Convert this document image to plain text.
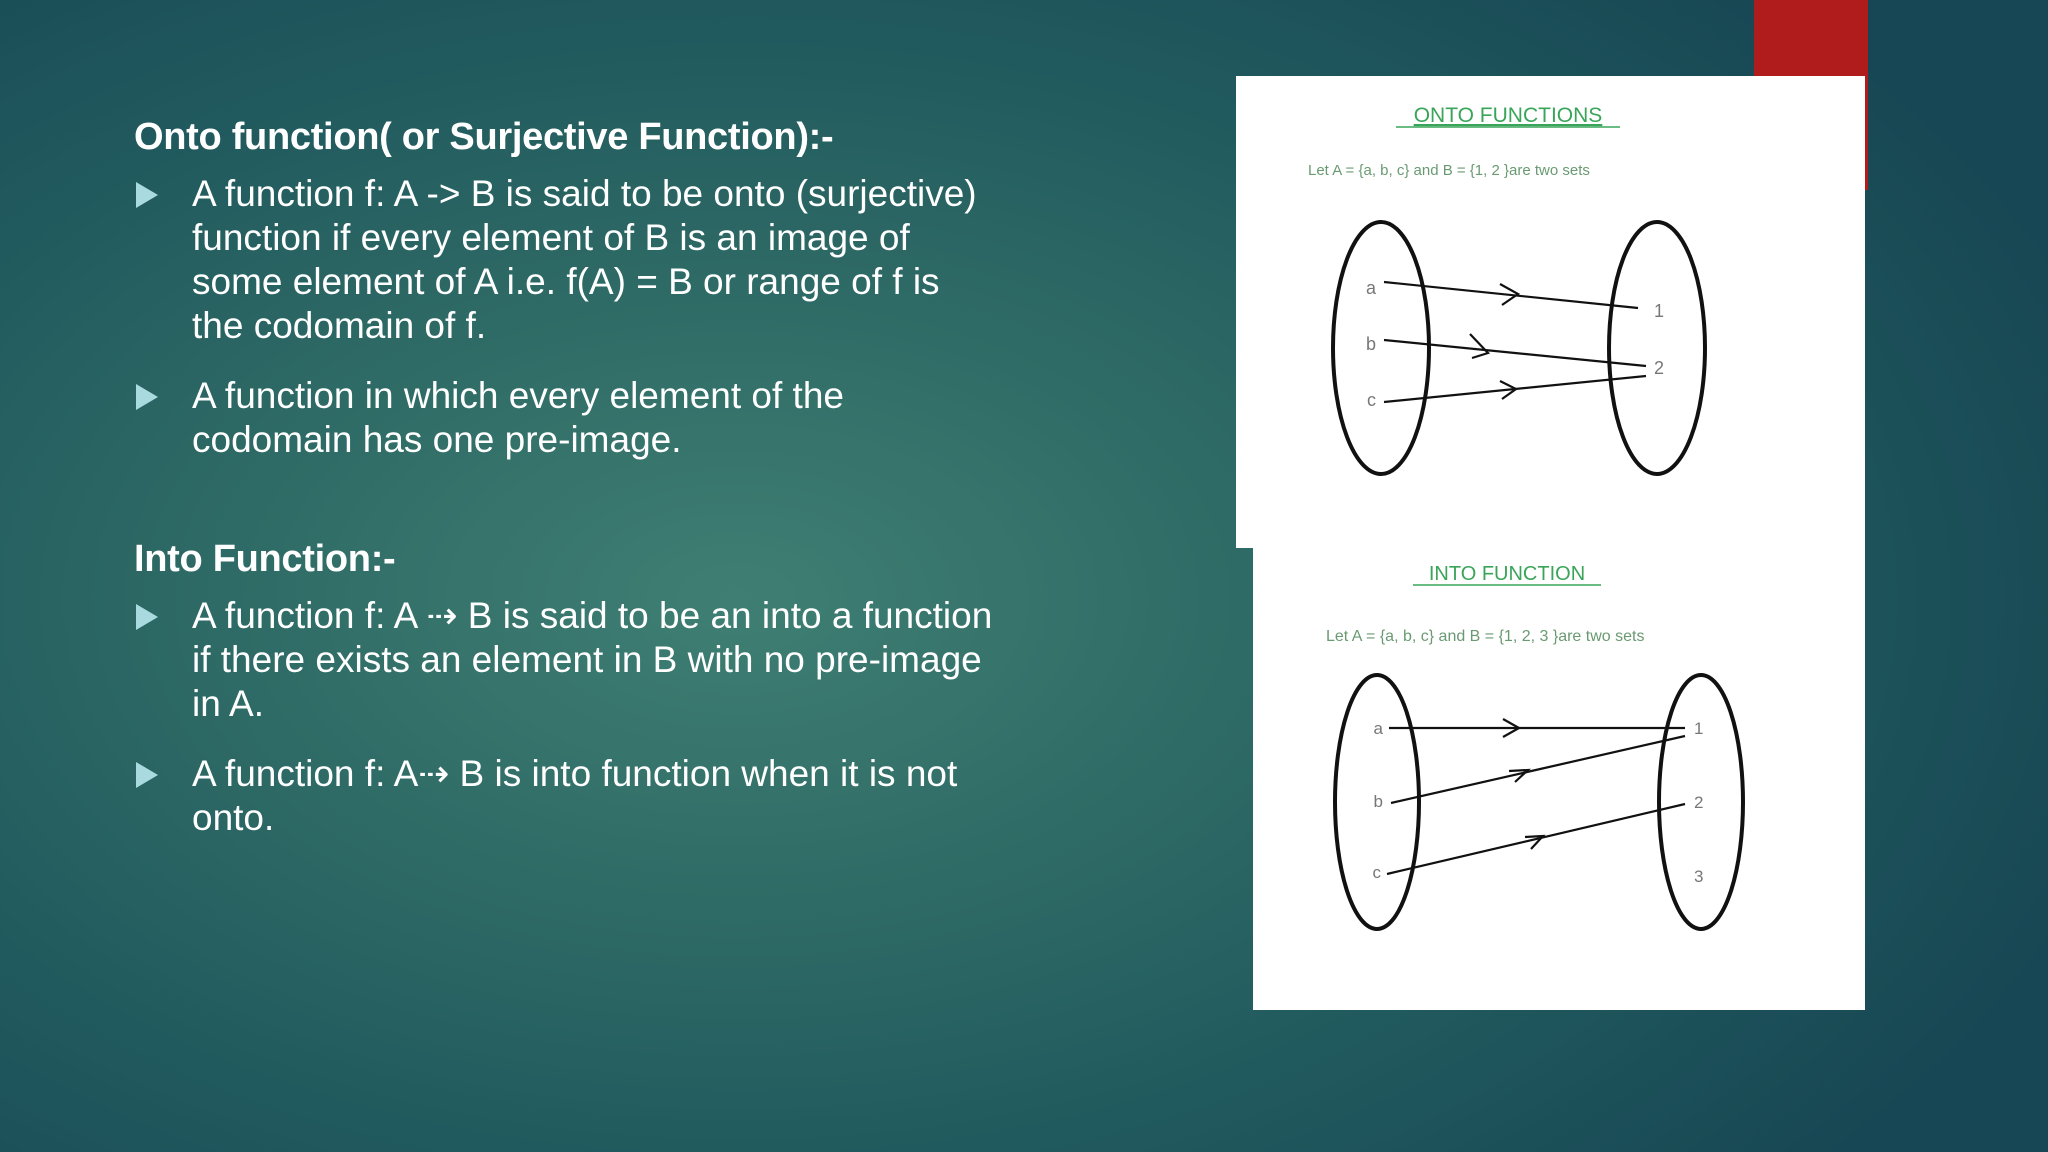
Onto function( or Surjective Function):-
A function f: A -> B is said to be onto (surjective) function if every element of B is an image of some element of A i.e. f(A) = B or range of f is the codomain of f.
A function in which every element of the codomain has one pre-image.
Into Function:-
A function f: A ⇢ B is said to be an into a function if there exists an element in B with no pre-image in A.
A function f: A⇢ B is into function when it is not onto.
ONTO FUNCTIONS
Let A = {a, b, c} and B = {1, 2 }are two sets
a
b
c
1
2
INTO FUNCTION
Let A = {a, b, c} and B = {1, 2, 3 }are two sets
a
b
c
1
2
3
